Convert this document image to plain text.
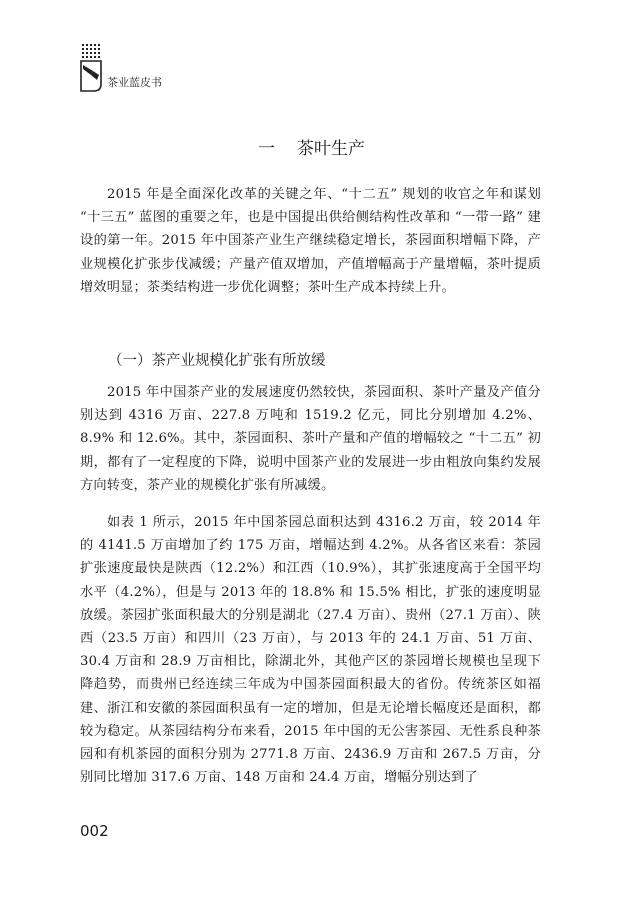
茶业蓝皮书
一 茶叶生产

2015 年是全面深化改革的关键之年、“十二五” 规划的收官之年和谋划 “十三五” 蓝图的重要之年，也是中国提出供给侧结构性改革和 “一带一路” 建设的第一年。2015 年中国茶产业生产继续稳定增长，茶园面积增幅下降，产业规模化扩张步伐减缓；产量产值双增加，产值增幅高于产量增幅，茶叶提质增效明显；茶类结构进一步优化调整；茶叶生产成本持续上升。

（一）茶产业规模化扩张有所放缓

2015 年中国茶产业的发展速度仍然较快，茶园面积、茶叶产量及产值分别达到 4316 万亩、227.8 万吨和 1519.2 亿元，同比分别增加 4.2%、8.9% 和 12.6%。其中，茶园面积、茶叶产量和产值的增幅较之 “十二五” 初期，都有了一定程度的下降，说明中国茶产业的发展进一步由粗放向集约发展方向转变，茶产业的规模化扩张有所减缓。

如表 1 所示，2015 年中国茶园总面积达到 4316.2 万亩，较 2014 年的 4141.5 万亩增加了约 175 万亩，增幅达到 4.2%。从各省区来看：茶园扩张速度最快是陕西（12.2%）和江西（10.9%），其扩张速度高于全国平均水平（4.2%），但是与 2013 年的 18.8% 和 15.5% 相比，扩张的速度明显放缓。茶园扩张面积最大的分别是湖北（27.4 万亩）、贵州（27.1 万亩）、陕西（23.5 万亩）和四川（23 万亩），与 2013 年的 24.1 万亩、51 万亩、30.4 万亩和 28.9 万亩相比，除湖北外，其他产区的茶园增长规模也呈现下降趋势，而贵州已经连续三年成为中国茶园面积最大的省份。传统茶区如福建、浙江和安徽的茶园面积虽有一定的增加，但是无论增长幅度还是面积，都较为稳定。从茶园结构分布来看，2015 年中国的无公害茶园、无性系良种茶园和有机茶园的面积分别为 2771.8 万亩、2436.9 万亩和 267.5 万亩，分别同比增加 317.6 万亩、148 万亩和 24.4 万亩，增幅分别达到了

002
